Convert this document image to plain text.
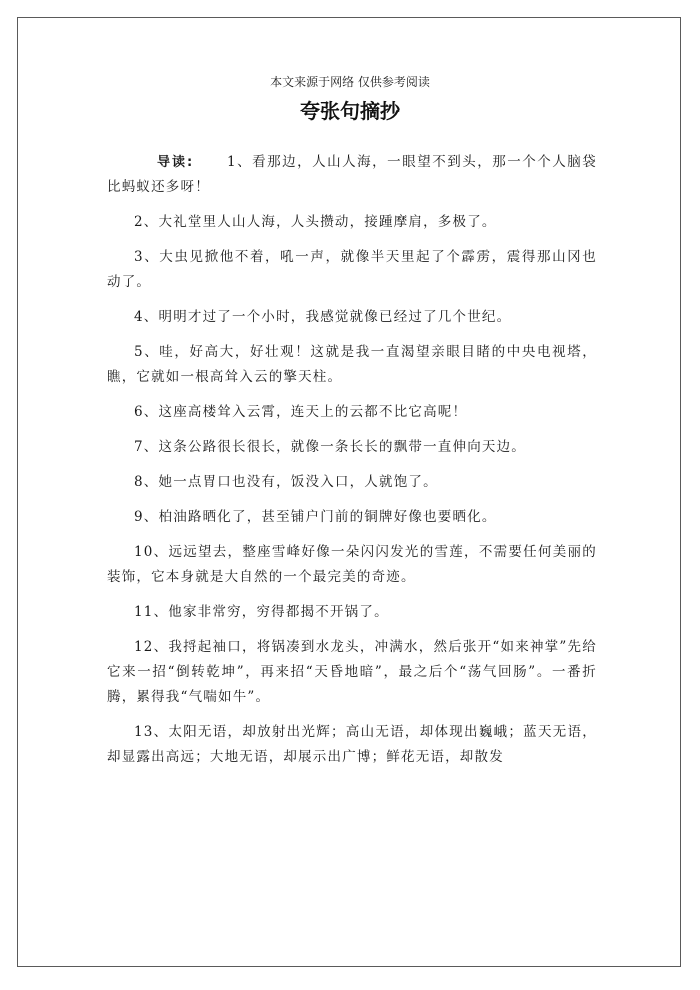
本文来源于网络 仅供参考阅读
夸张句摘抄

导读: 1、看那边，人山人海，一眼望不到头，那一个个人脑袋比蚂蚁还多呀！

2、大礼堂里人山人海，人头攒动，接踵摩肩，多极了。

3、大虫见掀他不着，吼一声，就像半天里起了个霹雳，震得那山冈也动了。

4、明明才过了一个小时，我感觉就像已经过了几个世纪。

5、哇，好高大，好壮观！这就是我一直渴望亲眼目睹的中央电视塔，瞧，它就如一根高耸入云的擎天柱。

6、这座高楼耸入云霄，连天上的云都不比它高呢！

7、这条公路很长很长，就像一条长长的飘带一直伸向天边。

8、她一点胃口也没有，饭没入口，人就饱了。

9、柏油路晒化了，甚至铺户门前的铜牌好像也要晒化。

10、远远望去，整座雪峰好像一朵闪闪发光的雪莲，不需要任何美丽的装饰，它本身就是大自然的一个最完美的奇迹。

11、他家非常穷，穷得都揭不开锅了。

12、我捋起袖口，将锅凑到水龙头，冲满水，然后张开“如来神掌”先给它来一招“倒转乾坤”，再来招“天昏地暗”，最之后个“荡气回肠”。一番折腾，累得我“气喘如牛”。

13、太阳无语，却放射出光辉；高山无语，却体现出巍峨；蓝天无语，却显露出高远；大地无语，却展示出广博；鲜花无语，却散发
